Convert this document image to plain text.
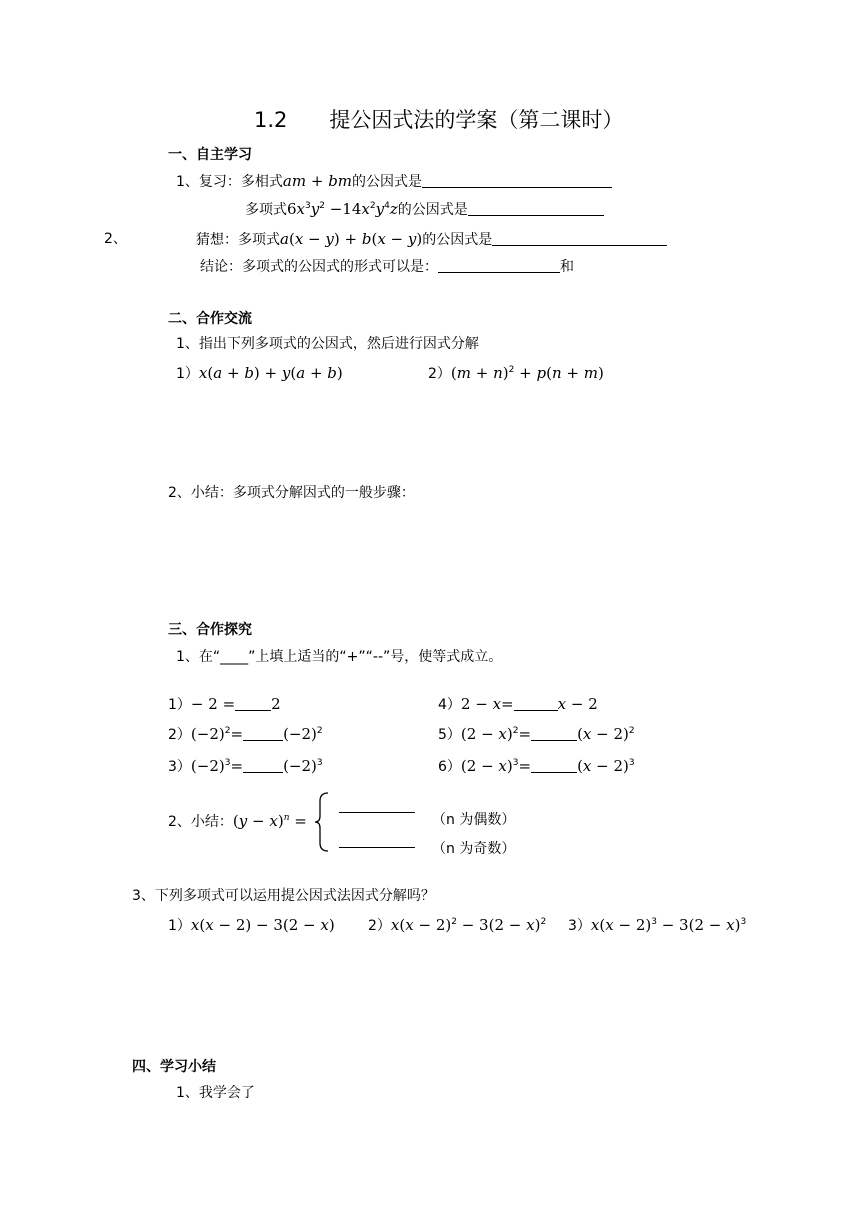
1.2　　提公因式法的学案（第二课时）
一、自主学习
1、复习：多相式am + bm的公因式是
多项式$6x^3y^2 -14x^2y^4z$的公因式是
2、	猜想：多项式a(x − y) + b(x − y)的公因式是
结论：多项式的公因式的形式可以是：	和
二、合作交流
1、指出下列多项式的公因式，然后进行因式分解
1）x(a + b) + y(a + b)	$2)(m + n)^2 + p(n + m)$
2、小结：多项式分解因式的一般步骤：
三、合作探究
1、在“____”上填上适当的“+”“--”号，使等式成立。
1）− 2 = 2
$2)(-2)^2=$	$(-2)^2$
$3)(-2)^3=$	$(-2)^3$
4）2 − x=	x − 2
$5)(2 - x)^2=$	$(x - 2)^2$
$6)(2 - x)^3=$	$(x - 2)^3$
2、小结：$(y - x)^n$ =	（n 为偶数）
（n 为奇数）
3、下列多项式可以运用提公因式法因式分解吗？
1）x(x − 2) − 3(2 − x) $2)x(x - 2)^2 - 3(2 - x)^2$ $3)x(x - 2)^3 - 3(2 - x)^3$
四、学习小结
1、我学会了
